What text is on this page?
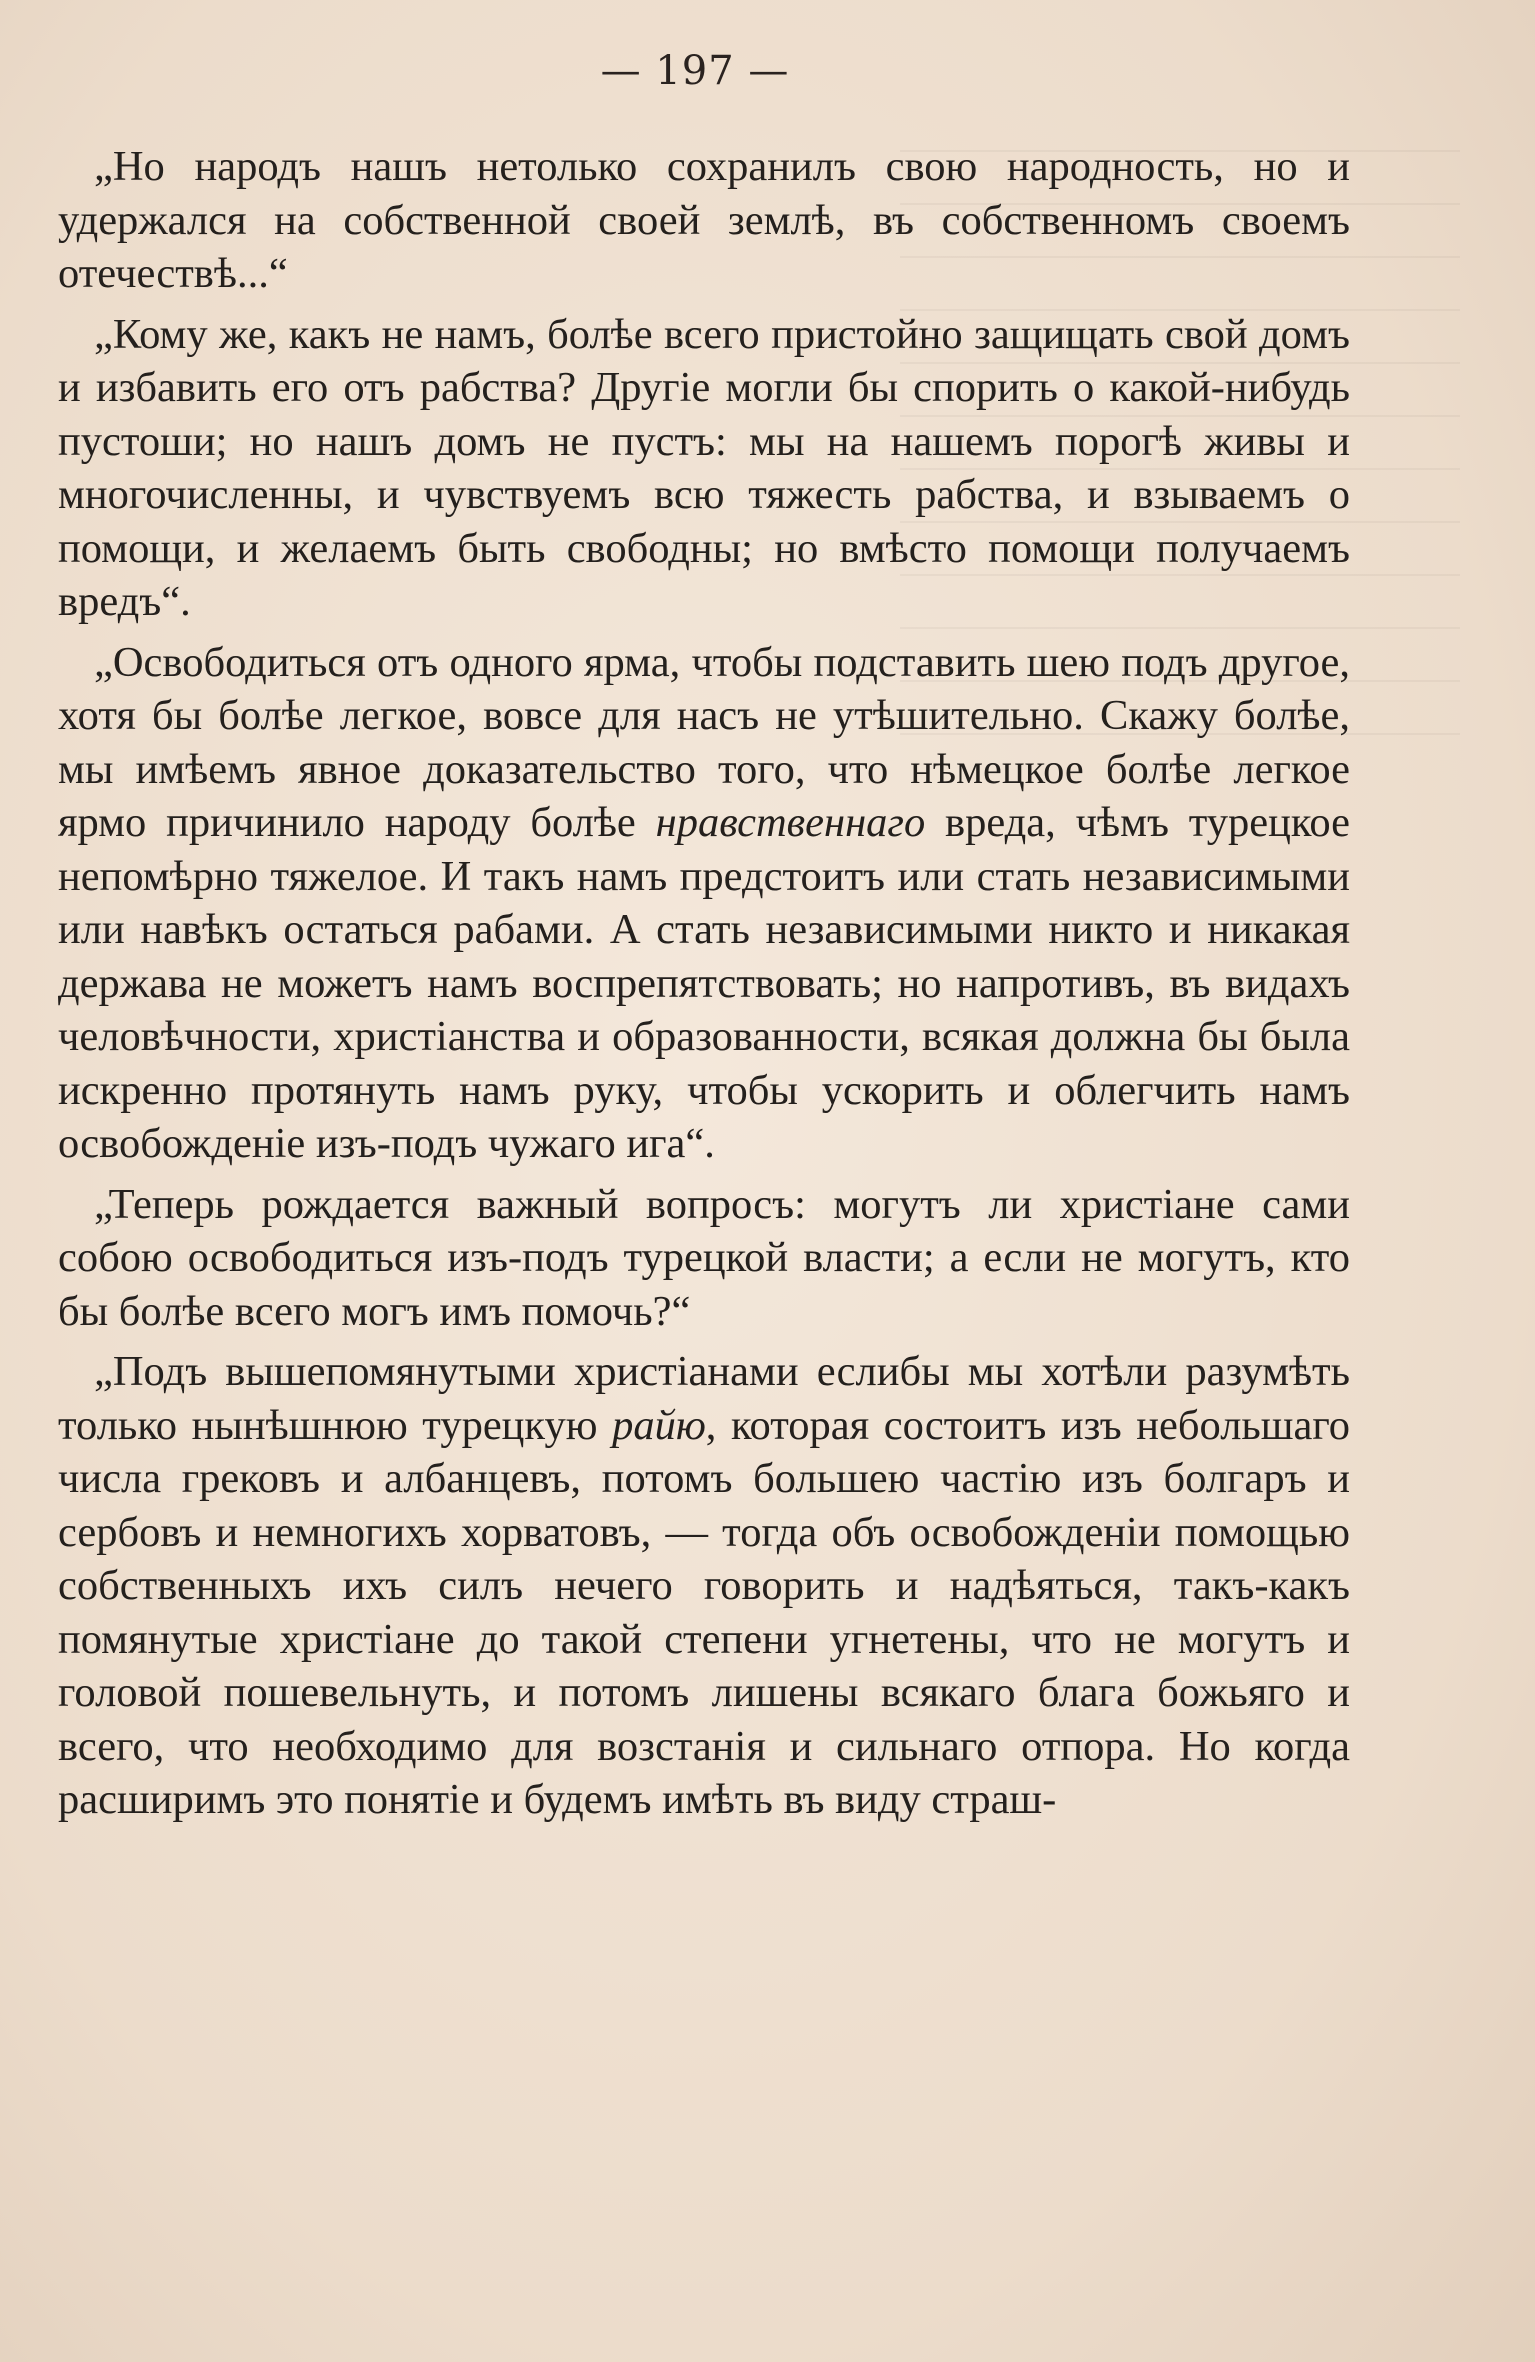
— 197 —

„Но народъ нашъ нетолько сохранилъ свою народность, но и удержался на собственной своей землѣ, въ собственномъ своемъ отечествѣ...“

„Кому же, какъ не намъ, болѣе всего пристойно защищать свой домъ и избавить его отъ рабства? Другіе могли бы спорить о какой-нибудь пустоши; но нашъ домъ не пустъ: мы на нашемъ порогѣ живы и многочисленны, и чувствуемъ всю тяжесть рабства, и взываемъ о помощи, и желаемъ быть свободны; но вмѣсто помощи получаемъ вредъ“.

„Освободиться отъ одного ярма, чтобы подставить шею подъ другое, хотя бы болѣе легкое, вовсе для насъ не утѣшительно. Скажу болѣе, мы имѣемъ явное доказательство того, что нѣмецкое болѣе легкое ярмо причинило народу болѣе нравственнаго вреда, чѣмъ турецкое непомѣрно тяжелое. И такъ намъ предстоитъ или стать независимыми или навѣкъ остаться рабами. А стать независимыми никто и никакая держава не можетъ намъ воспрепятствовать; но напротивъ, въ видахъ человѣчности, христіанства и образованности, всякая должна бы была искренно протянуть намъ руку, чтобы ускорить и облегчить намъ освобожденіе изъ-подъ чужаго ига“.

„Теперь рождается важный вопросъ: могутъ ли христіане сами собою освободиться изъ-подъ турецкой власти; а если не могутъ, кто бы болѣе всего могъ имъ помочь?“

„Подъ вышепомянутыми христіанами еслибы мы хотѣли разумѣть только нынѣшнюю турецкую райю, которая состоитъ изъ небольшаго числа грековъ и албанцевъ, потомъ большею частію изъ болгаръ и сербовъ и немногихъ хорватовъ, — тогда объ освобожденіи помощью собственныхъ ихъ силъ нечего говорить и надѣяться, такъ-какъ помянутые христіане до такой степени угнетены, что не могутъ и головой пошевельнуть, и потомъ лишены всякаго блага божьяго и всего, что необходимо для возстанія и сильнаго отпора. Но когда расширимъ это понятіе и будемъ имѣть въ виду страш-
